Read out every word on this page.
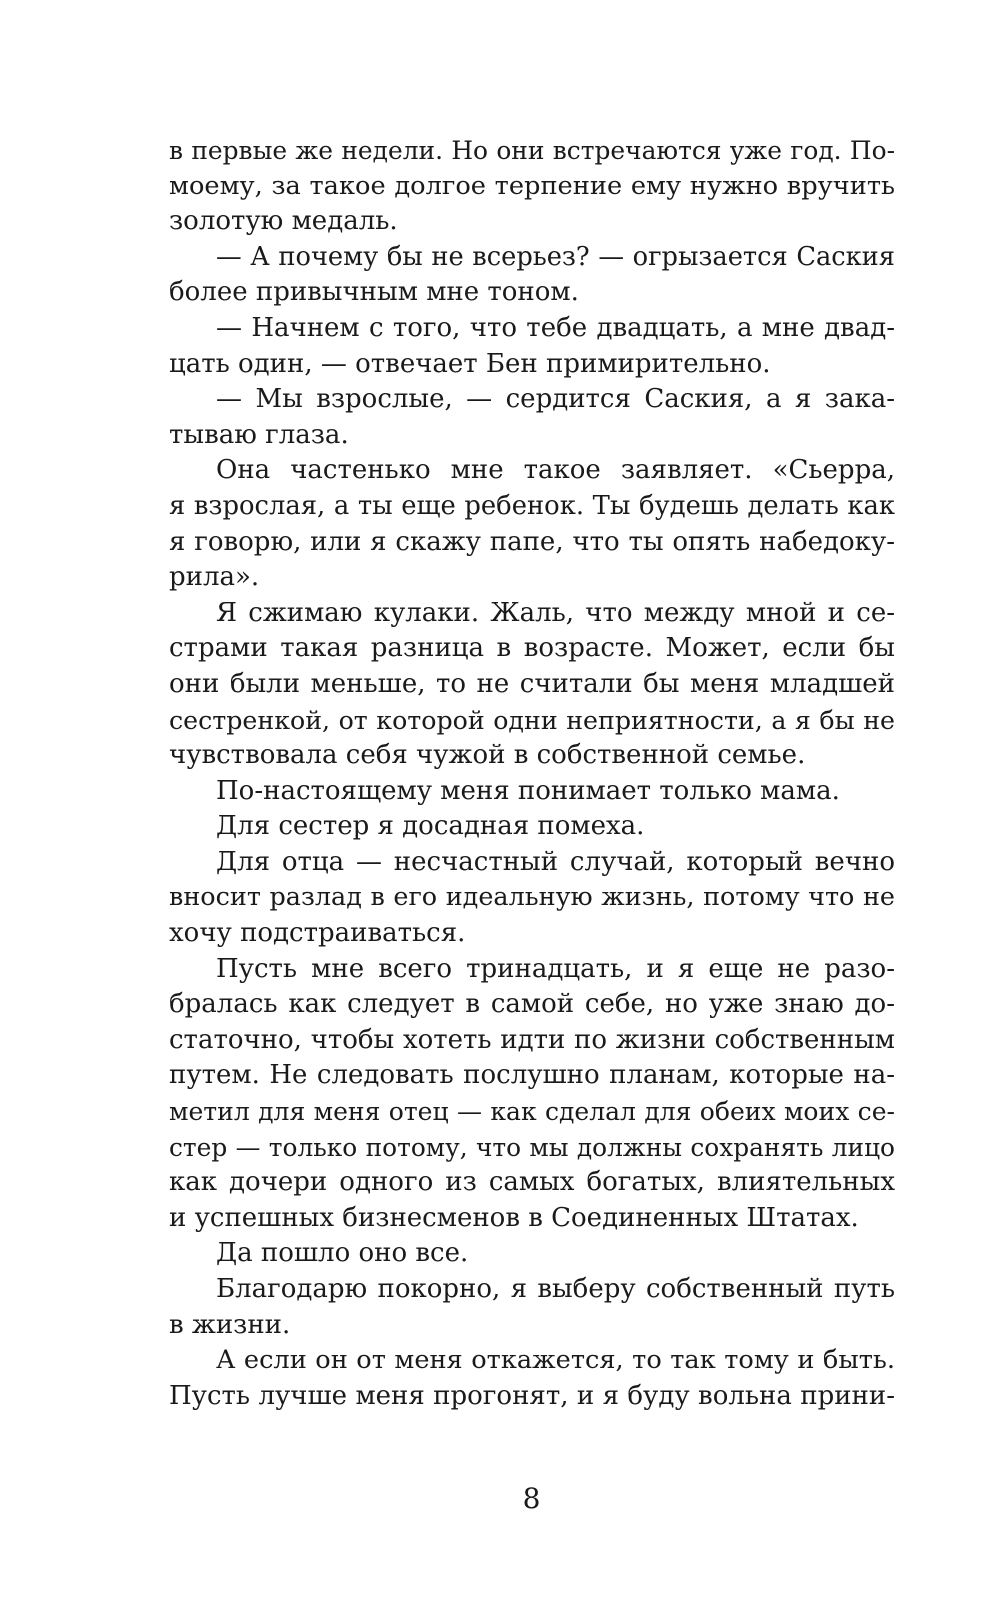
в первые же недели. Но они встречаются уже год. По-
моему, за такое долгое терпение ему нужно вручить
золотую медаль.
— А почему бы не всерьез? — огрызается Саския
более привычным мне тоном.
— Начнем с того, что тебе двадцать, а мне двад-
цать один, — отвечает Бен примирительно.
— Мы взрослые, — сердится Саския, а я зака-
тываю глаза.
Она частенько мне такое заявляет. «Сьерра,
я взрослая, а ты еще ребенок. Ты будешь делать как
я говорю, или я скажу папе, что ты опять набедоку-
рила».
Я сжимаю кулаки. Жаль, что между мной и се-
страми такая разница в возрасте. Может, если бы
они были меньше, то не считали бы меня младшей
сестренкой, от которой одни неприятности, а я бы не
чувствовала себя чужой в собственной семье.
По-настоящему меня понимает только мама.
Для сестер я досадная помеха.
Для отца — несчастный случай, который вечно
вносит разлад в его идеальную жизнь, потому что не
хочу подстраиваться.
Пусть мне всего тринадцать, и я еще не разо-
бралась как следует в самой себе, но уже знаю до-
статочно, чтобы хотеть идти по жизни собственным
путем. Не следовать послушно планам, которые на-
метил для меня отец — как сделал для обеих моих се-
стер — только потому, что мы должны сохранять лицо
как дочери одного из самых богатых, влиятельных
и успешных бизнесменов в Соединенных Штатах.
Да пошло оно все.
Благодарю покорно, я выберу собственный путь
в жизни.
А если он от меня откажется, то так тому и быть.
Пусть лучше меня прогонят, и я буду вольна прини-
8
